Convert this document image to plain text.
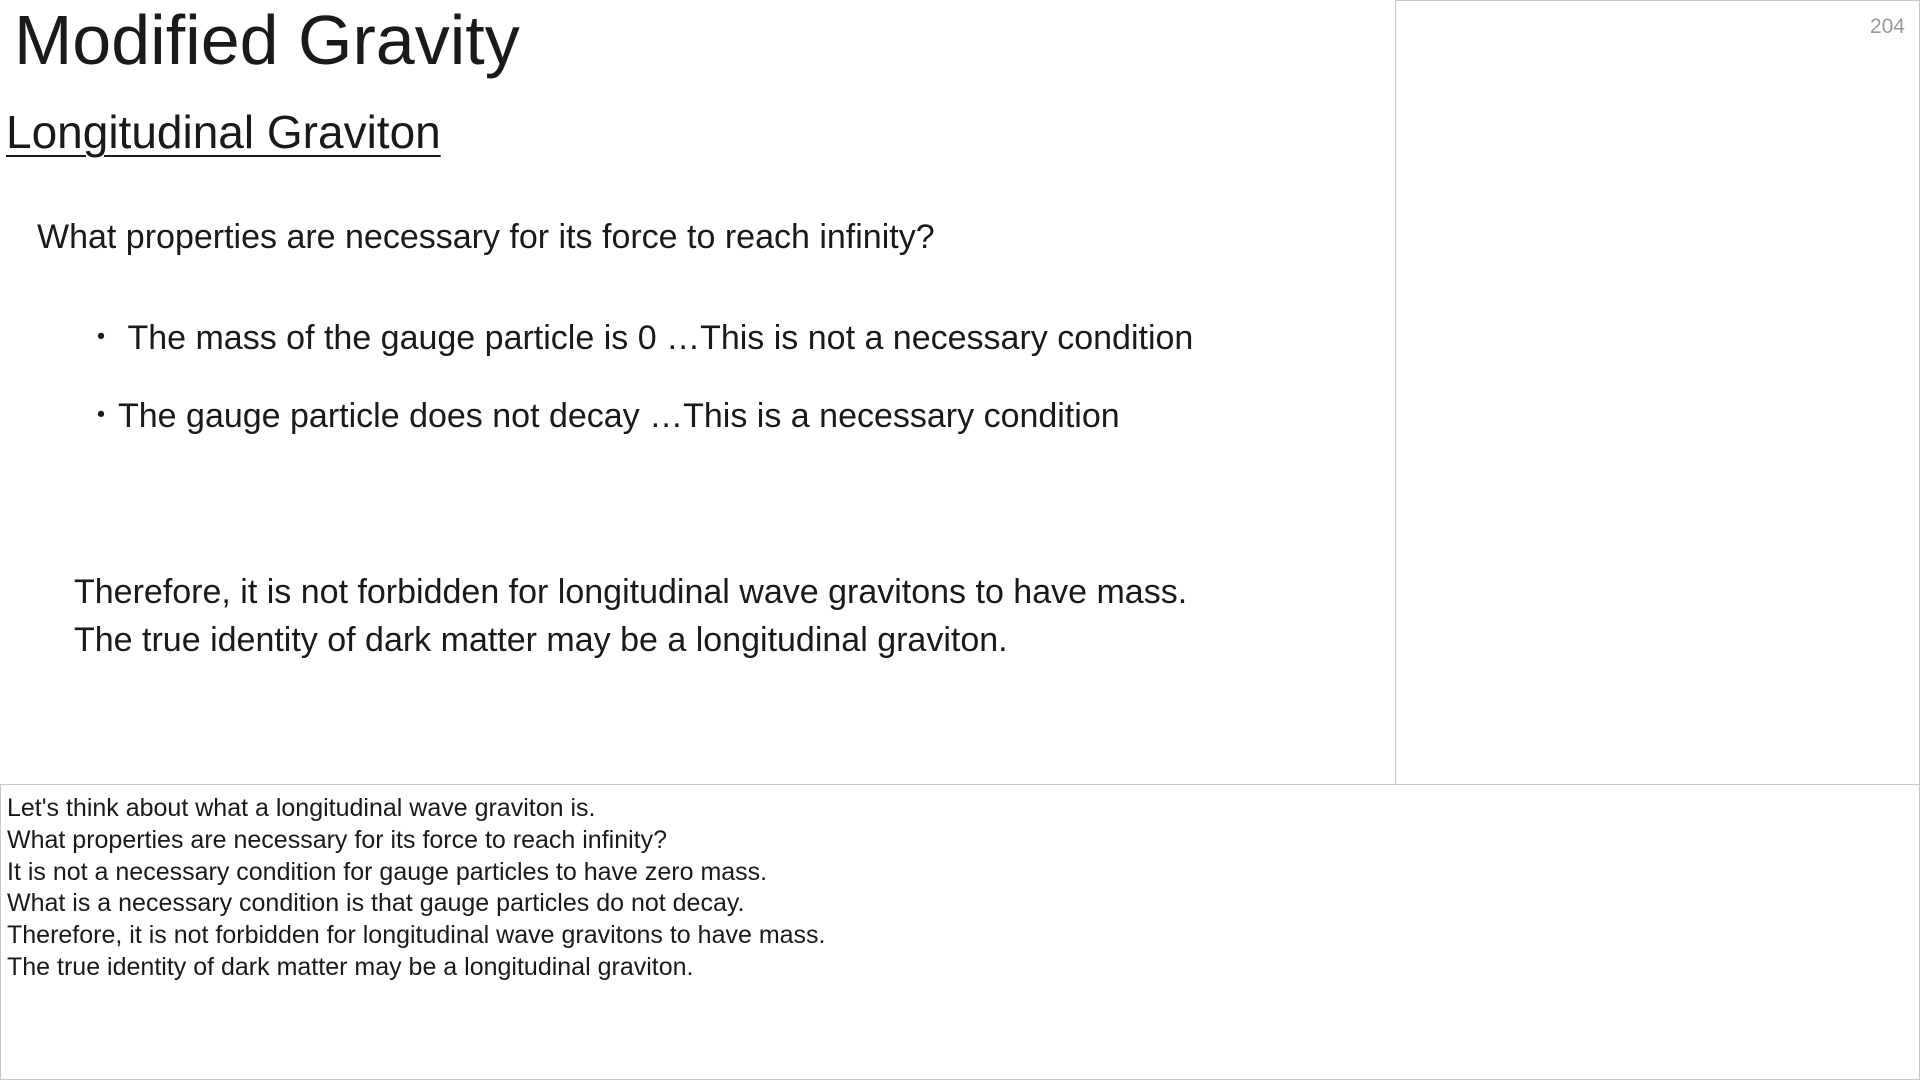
Modified Gravity
Longitudinal Graviton
What properties are necessary for its force to reach infinity?
・ The mass of the gauge particle is 0 …This is not a necessary condition
・The gauge particle does not decay …This is a necessary condition
Therefore, it is not forbidden for longitudinal wave gravitons to have mass.
The true identity of dark matter may be a longitudinal graviton.
204
Let's think about what a longitudinal wave graviton is.
What properties are necessary for its force to reach infinity?
It is not a necessary condition for gauge particles to have zero mass.
What is a necessary condition is that gauge particles do not decay.
Therefore, it is not forbidden for longitudinal wave gravitons to have mass.
The true identity of dark matter may be a longitudinal graviton.
